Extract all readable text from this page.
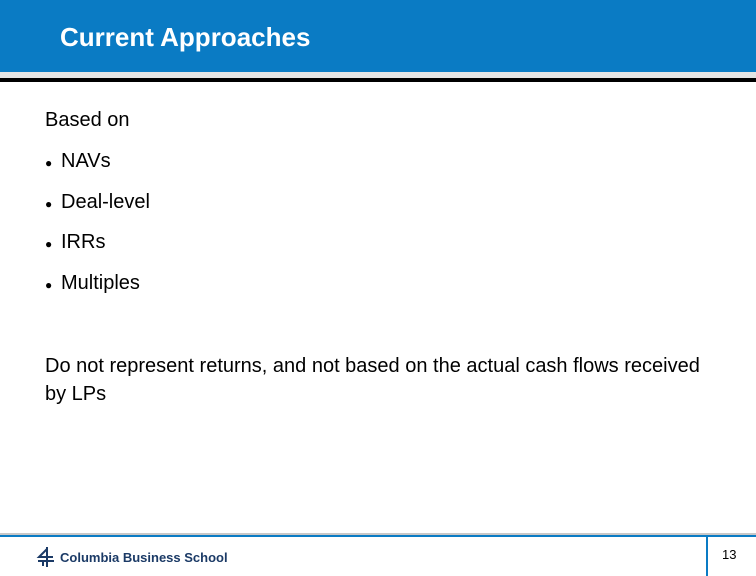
Current Approaches
Based on
● NAVs
● Deal-level
● IRRs
● Multiples
Do not represent returns, and not based on the actual cash flows received by LPs
Columbia Business School	13
